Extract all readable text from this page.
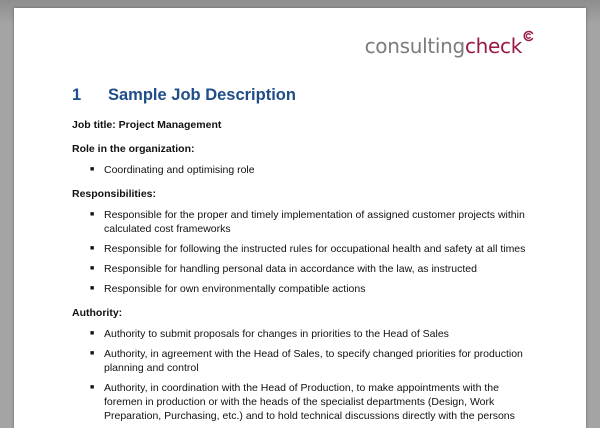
consultingcheck
1 Sample Job Description
Job title: Project Management
Role in the organization:
■ Coordinating and optimising role
Responsibilities:
■ Responsible for the proper and timely implementation of assigned customer projects within calculated cost frameworks
■ Responsible for following the instructed rules for occupational health and safety at all times
■ Responsible for handling personal data in accordance with the law, as instructed
■ Responsible for own environmentally compatible actions
Authority:
■ Authority to submit proposals for changes in priorities to the Head of Sales
■ Authority, in agreement with the Head of Sales, to specify changed priorities for production planning and control
■ Authority, in coordination with the Head of Production, to make appointments with the foremen in production or with the heads of the specialist departments (Design, Work Preparation, Purchasing, etc.) and to hold technical discussions directly with the persons
